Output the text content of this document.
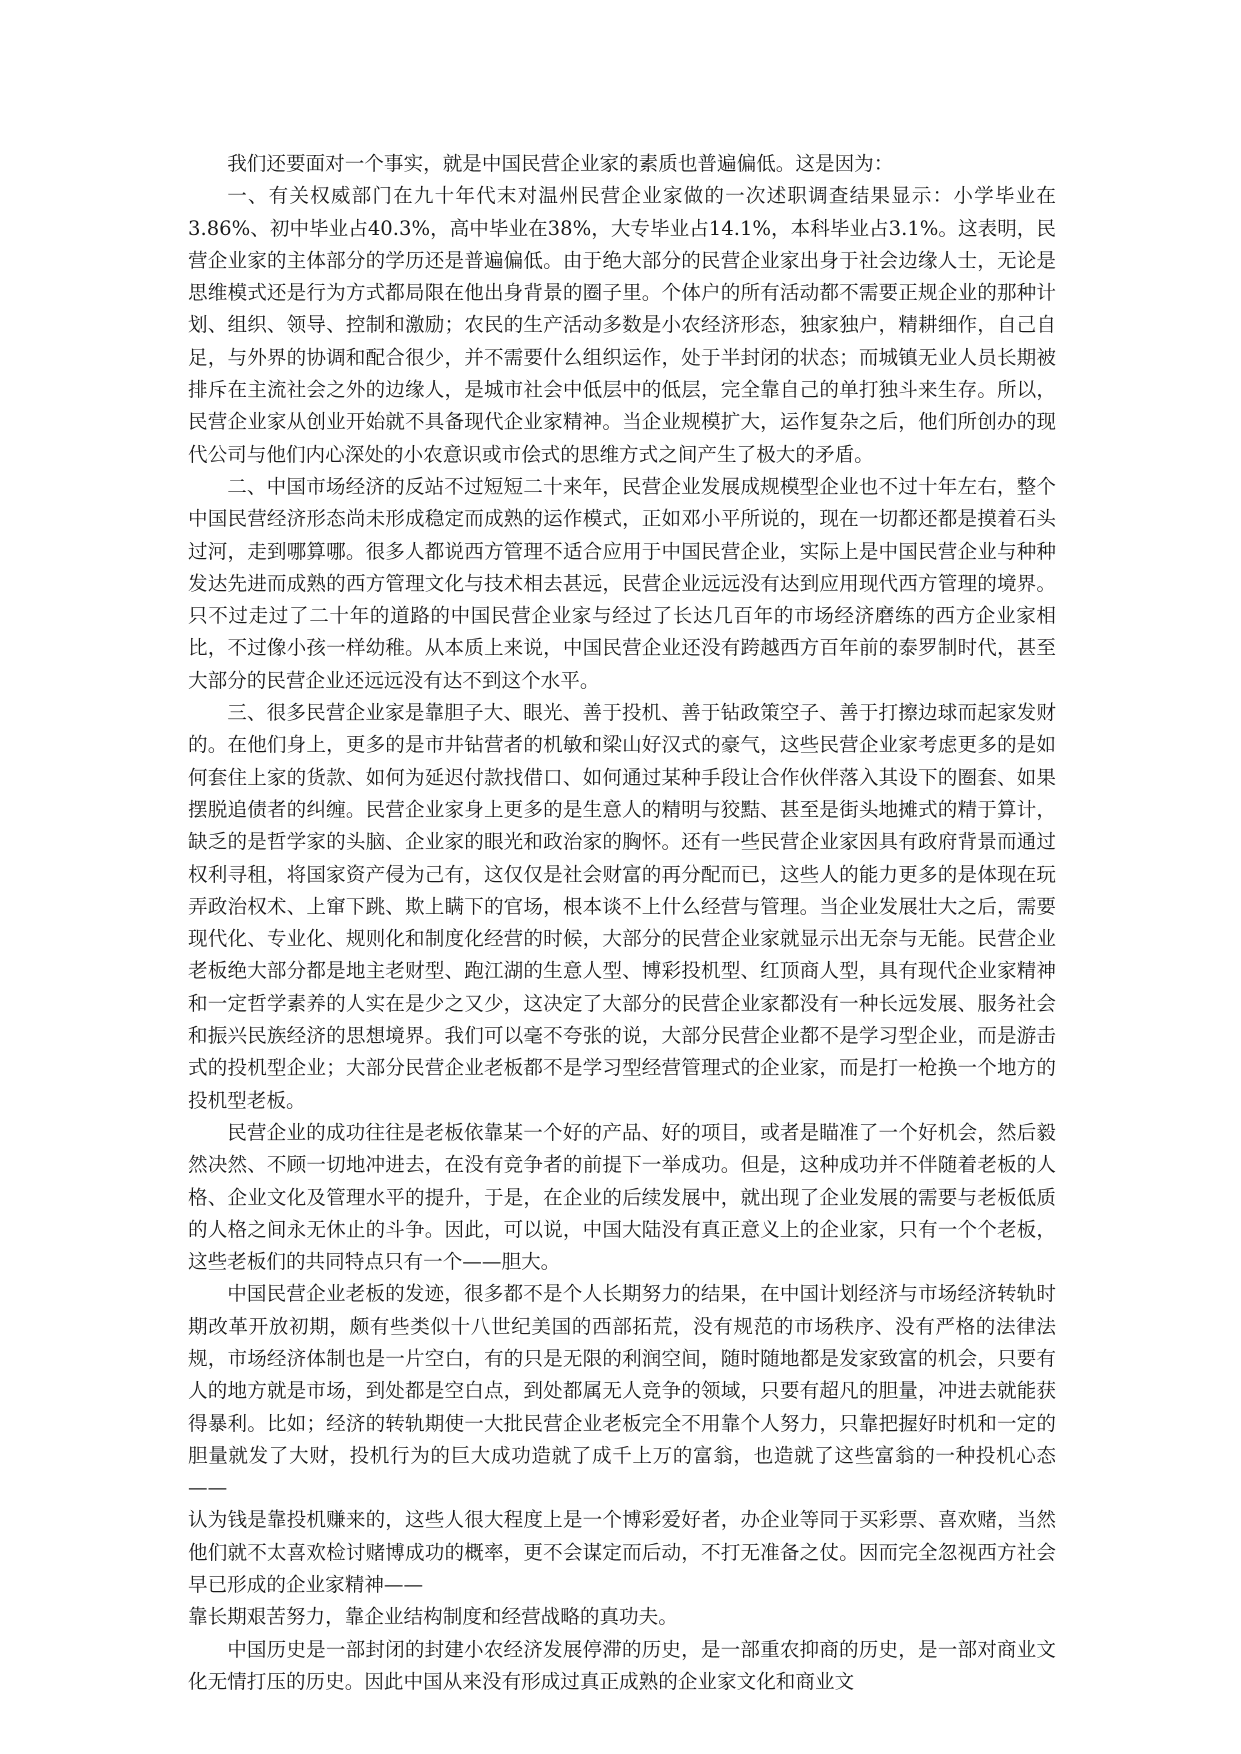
我们还要面对一个事实，就是中国民营企业家的素质也普遍偏低。这是因为：

一、有关权威部门在九十年代末对温州民营企业家做的一次述职调查结果显示：小学毕业在3.86%、初中毕业占40.3%，高中毕业在38%，大专毕业占14.1%，本科毕业占3.1%。这表明，民营企业家的主体部分的学历还是普遍偏低。由于绝大部分的民营企业家出身于社会边缘人士，无论是思维模式还是行为方式都局限在他出身背景的圈子里。个体户的所有活动都不需要正规企业的那种计划、组织、领导、控制和激励；农民的生产活动多数是小农经济形态，独家独户，精耕细作，自己自足，与外界的协调和配合很少，并不需要什么组织运作，处于半封闭的状态；而城镇无业人员长期被排斥在主流社会之外的边缘人，是城市社会中低层中的低层，完全靠自己的单打独斗来生存。所以，民营企业家从创业开始就不具备现代企业家精神。当企业规模扩大，运作复杂之后，他们所创办的现代公司与他们内心深处的小农意识或市侩式的思维方式之间产生了极大的矛盾。

二、中国市场经济的反站不过短短二十来年，民营企业发展成规模型企业也不过十年左右，整个中国民营经济形态尚未形成稳定而成熟的运作模式，正如邓小平所说的，现在一切都还都是摸着石头过河，走到哪算哪。很多人都说西方管理不适合应用于中国民营企业，实际上是中国民营企业与种种发达先进而成熟的西方管理文化与技术相去甚远，民营企业远远没有达到应用现代西方管理的境界。只不过走过了二十年的道路的中国民营企业家与经过了长达几百年的市场经济磨练的西方企业家相比，不过像小孩一样幼稚。从本质上来说，中国民营企业还没有跨越西方百年前的泰罗制时代，甚至大部分的民营企业还远远没有达不到这个水平。

三、很多民营企业家是靠胆子大、眼光、善于投机、善于钻政策空子、善于打擦边球而起家发财的。在他们身上，更多的是市井钻营者的机敏和梁山好汉式的豪气，这些民营企业家考虑更多的是如何套住上家的货款、如何为延迟付款找借口、如何通过某种手段让合作伙伴落入其设下的圈套、如果摆脱追债者的纠缠。民营企业家身上更多的是生意人的精明与狡黠、甚至是街头地摊式的精于算计，缺乏的是哲学家的头脑、企业家的眼光和政治家的胸怀。还有一些民营企业家因具有政府背景而通过权利寻租，将国家资产侵为己有，这仅仅是社会财富的再分配而已，这些人的能力更多的是体现在玩弄政治权术、上窜下跳、欺上瞒下的官场，根本谈不上什么经营与管理。当企业发展壮大之后，需要现代化、专业化、规则化和制度化经营的时候，大部分的民营企业家就显示出无奈与无能。民营企业老板绝大部分都是地主老财型、跑江湖的生意人型、博彩投机型、红顶商人型，具有现代企业家精神和一定哲学素养的人实在是少之又少，这决定了大部分的民营企业家都没有一种长远发展、服务社会和振兴民族经济的思想境界。我们可以毫不夸张的说，大部分民营企业都不是学习型企业，而是游击式的投机型企业；大部分民营企业老板都不是学习型经营管理式的企业家，而是打一枪换一个地方的投机型老板。

民营企业的成功往往是老板依靠某一个好的产品、好的项目，或者是瞄准了一个好机会，然后毅然决然、不顾一切地冲进去，在没有竞争者的前提下一举成功。但是，这种成功并不伴随着老板的人格、企业文化及管理水平的提升，于是，在企业的后续发展中，就出现了企业发展的需要与老板低质的人格之间永无休止的斗争。因此，可以说，中国大陆没有真正意义上的企业家，只有一个个老板，这些老板们的共同特点只有一个——胆大。

中国民营企业老板的发迹，很多都不是个人长期努力的结果，在中国计划经济与市场经济转轨时期改革开放初期，颇有些类似十八世纪美国的西部拓荒，没有规范的市场秩序、没有严格的法律法规，市场经济体制也是一片空白，有的只是无限的利润空间，随时随地都是发家致富的机会，只要有人的地方就是市场，到处都是空白点，到处都属无人竞争的领域，只要有超凡的胆量，冲进去就能获得暴利。比如；经济的转轨期使一大批民营企业老板完全不用靠个人努力，只靠把握好时机和一定的胆量就发了大财，投机行为的巨大成功造就了成千上万的富翁，也造就了这些富翁的一种投机心态——

认为钱是靠投机赚来的，这些人很大程度上是一个博彩爱好者，办企业等同于买彩票、喜欢赌，当然他们就不太喜欢检讨赌博成功的概率，更不会谋定而后动，不打无准备之仗。因而完全忽视西方社会早已形成的企业家精神——

靠长期艰苦努力，靠企业结构制度和经营战略的真功夫。

中国历史是一部封闭的封建小农经济发展停滞的历史，是一部重农抑商的历史，是一部对商业文化无情打压的历史。因此中国从来没有形成过真正成熟的企业家文化和商业文
